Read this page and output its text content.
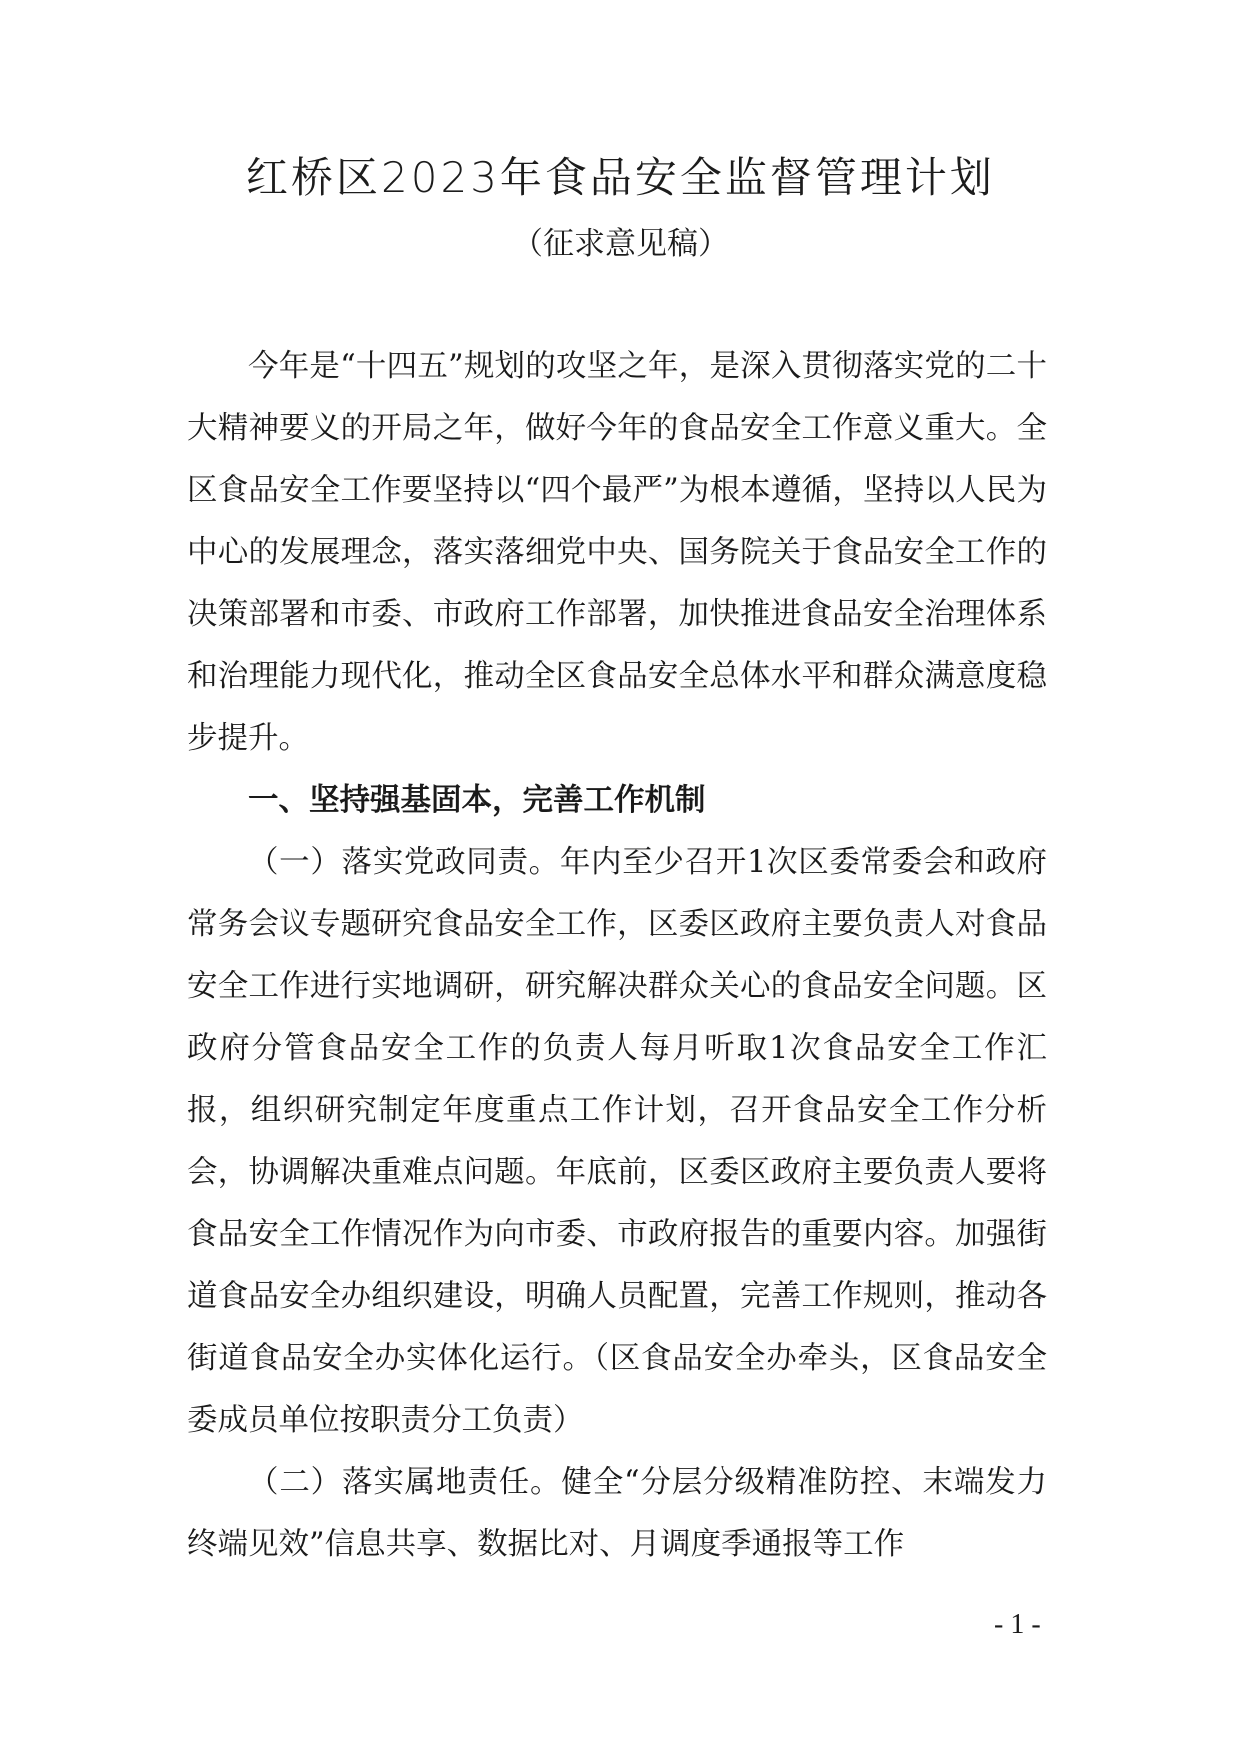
红桥区2023年食品安全监督管理计划
（征求意见稿）

今年是“十四五”规划的攻坚之年，是深入贯彻落实党的二十大精神要义的开局之年，做好今年的食品安全工作意义重大。全区食品安全工作要坚持以“四个最严”为根本遵循，坚持以人民为中心的发展理念，落实落细党中央、国务院关于食品安全工作的决策部署和市委、市政府工作部署，加快推进食品安全治理体系和治理能力现代化，推动全区食品安全总体水平和群众满意度稳步提升。

一、坚持强基固本，完善工作机制

（一）落实党政同责。年内至少召开1次区委常委会和政府常务会议专题研究食品安全工作，区委区政府主要负责人对食品安全工作进行实地调研，研究解决群众关心的食品安全问题。区政府分管食品安全工作的负责人每月听取1次食品安全工作汇报，组织研究制定年度重点工作计划，召开食品安全工作分析会，协调解决重难点问题。年底前，区委区政府主要负责人要将食品安全工作情况作为向市委、市政府报告的重要内容。加强街道食品安全办组织建设，明确人员配置，完善工作规则，推动各街道食品安全办实体化运行。（区食品安全办牵头，区食品安全委成员单位按职责分工负责）

（二）落实属地责任。健全“分层分级精准防控、末端发力终端见效”信息共享、数据比对、月调度季通报等工作

- 1 -
